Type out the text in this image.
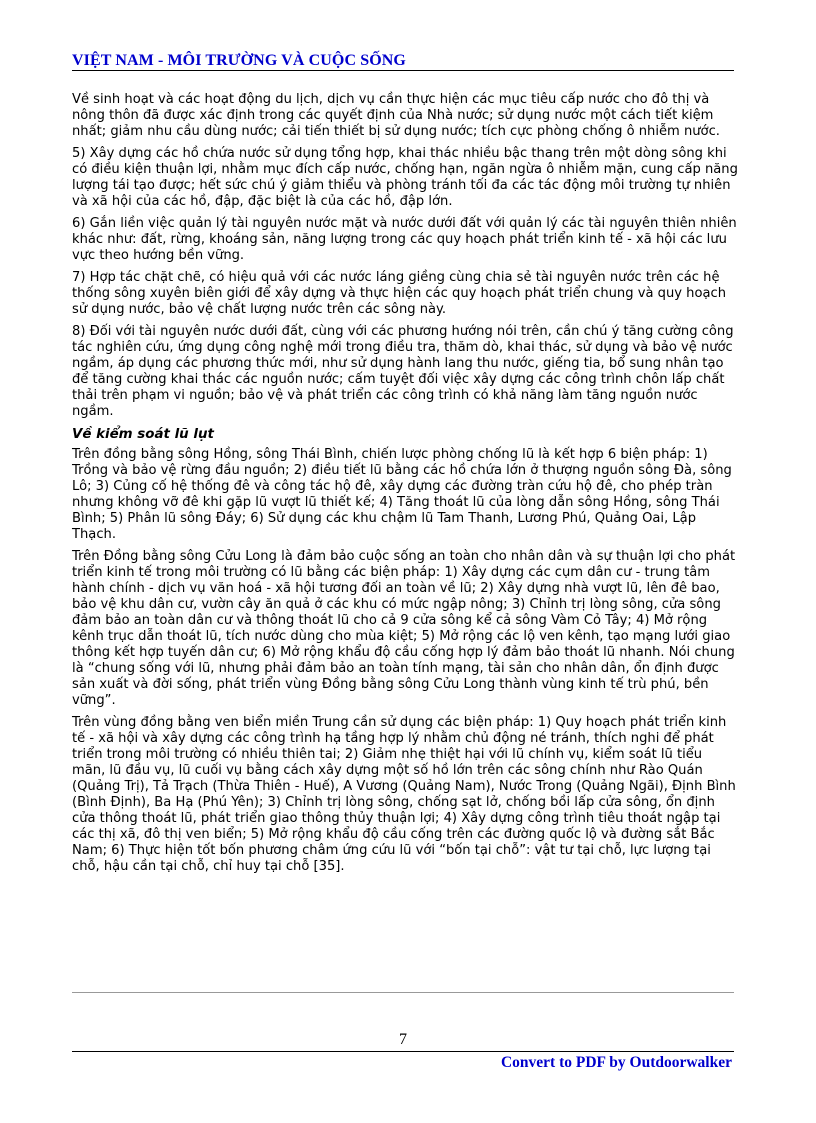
VIỆT NAM - MÔI TRƯỜNG VÀ CUỘC SỐNG

Về sinh hoạt và các hoạt động du lịch, dịch vụ cần thực hiện các mục tiêu cấp nước cho đô thị và nông thôn đã được xác định trong các quyết định của Nhà nước; sử dụng nước một cách tiết kiệm nhất; giảm nhu cầu dùng nước; cải tiến thiết bị sử dụng nước; tích cực phòng chống ô nhiễm nước.

5) Xây dựng các hồ chứa nước sử dụng tổng hợp, khai thác nhiều bậc thang trên một dòng sông khi có điều kiện thuận lợi, nhằm mục đích cấp nước, chống hạn, ngăn ngừa ô nhiễm mặn, cung cấp năng lượng tái tạo được; hết sức chú ý giảm thiểu và phòng tránh tối đa các tác động môi trường tự nhiên và xã hội của các hồ, đập, đặc biệt là của các hồ, đập lớn.

6) Gắn liền việc quản lý tài nguyên nước mặt và nước dưới đất với quản lý các tài nguyên thiên nhiên khác như: đất, rừng, khoáng sản, năng lượng trong các quy hoạch phát triển kinh tế - xã hội các lưu vực theo hướng bền vững.

7) Hợp tác chặt chẽ, có hiệu quả với các nước láng giềng cùng chia sẻ tài nguyên nước trên các hệ thống sông xuyên biên giới để xây dựng và thực hiện các quy hoạch phát triển chung và quy hoạch sử dụng nước, bảo vệ chất lượng nước trên các sông này.

8) Đối với tài nguyên nước dưới đất, cùng với các phương hướng nói trên, cần chú ý tăng cường công tác nghiên cứu, ứng dụng công nghệ mới trong điều tra, thăm dò, khai thác, sử dụng và bảo vệ nước ngầm, áp dụng các phương thức mới, như sử dụng hành lang thu nước, giếng tia, bổ sung nhân tạo để tăng cường khai thác các nguồn nước; cấm tuyệt đối việc xây dựng các công trình chôn lấp chất thải trên phạm vi nguồn; bảo vệ và phát triển các công trình có khả năng làm tăng nguồn nước ngầm.

Về kiểm soát lũ lụt

Trên đồng bằng sông Hồng, sông Thái Bình, chiến lược phòng chống lũ là kết hợp 6 biện pháp: 1) Trồng và bảo vệ rừng đầu nguồn; 2) điều tiết lũ bằng các hồ chứa lớn ở thượng nguồn sông Đà, sông Lô; 3) Củng cố hệ thống đê và công tác hộ đê, xây dựng các đường tràn cứu hộ đê, cho phép tràn nhưng không vỡ đê khi gặp lũ vượt lũ thiết kế; 4) Tăng thoát lũ của lòng dẫn sông Hồng, sông Thái Bình; 5) Phân lũ sông Đáy; 6) Sử dụng các khu chậm lũ Tam Thanh, Lương Phú, Quảng Oai, Lập Thạch.

Trên Đồng bằng sông Cửu Long là đảm bảo cuộc sống an toàn cho nhân dân và sự thuận lợi cho phát triển kinh tế trong môi trường có lũ bằng các biện pháp: 1) Xây dựng các cụm dân cư - trung tâm hành chính - dịch vụ văn hoá - xã hội tương đối an toàn về lũ; 2) Xây dựng nhà vượt lũ, lên đê bao, bảo vệ khu dân cư, vườn cây ăn quả ở các khu có mức ngập nông; 3) Chỉnh trị lòng sông, cửa sông đảm bảo an toàn dân cư và thông thoát lũ cho cả 9 cửa sông kể cả sông Vàm Cỏ Tây; 4) Mở rộng kênh trục dẫn thoát lũ, tích nước dùng cho mùa kiệt; 5) Mở rộng các lộ ven kênh, tạo mạng lưới giao thông kết hợp tuyến dân cư; 6) Mở rộng khẩu độ cầu cống hợp lý đảm bảo thoát lũ nhanh. Nói chung là “chung sống với lũ, nhưng phải đảm bảo an toàn tính mạng, tài sản cho nhân dân, ổn định được sản xuất và đời sống, phát triển vùng Đồng bằng sông Cửu Long thành vùng kinh tế trù phú, bền vững”.

Trên vùng đồng bằng ven biển miền Trung cần sử dụng các biện pháp: 1) Quy hoạch phát triển kinh tế - xã hội và xây dựng các công trình hạ tầng hợp lý nhằm chủ động né tránh, thích nghi để phát triển trong môi trường có nhiều thiên tai; 2) Giảm nhẹ thiệt hại với lũ chính vụ, kiểm soát lũ tiểu mãn, lũ đầu vụ, lũ cuối vụ bằng cách xây dựng một số hồ lớn trên các sông chính như Rào Quán (Quảng Trị), Tả Trạch (Thừa Thiên - Huế), A Vương (Quảng Nam), Nước Trong (Quảng Ngãi), Định Bình (Bình Định), Ba Hạ (Phú Yên); 3) Chỉnh trị lòng sông, chống sạt lở, chống bồi lấp cửa sông, ổn định cửa thông thoát lũ, phát triển giao thông thủy thuận lợi; 4) Xây dựng công trình tiêu thoát ngập tại các thị xã, đô thị ven biển; 5) Mở rộng khẩu độ cầu cống trên các đường quốc lộ và đường sắt Bắc Nam; 6) Thực hiện tốt bốn phương châm ứng cứu lũ với “bốn tại chỗ”: vật tư tại chỗ, lực lượng tại chỗ, hậu cần tại chỗ, chỉ huy tại chỗ [35].

7
Convert to PDF by Outdoorwalker
